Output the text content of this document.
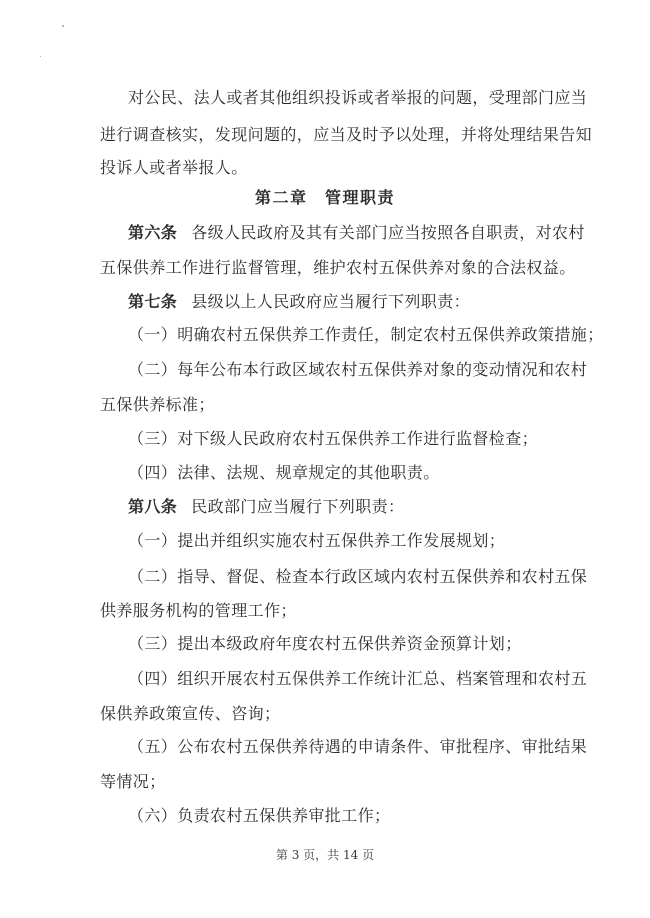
对公民、法人或者其他组织投诉或者举报的问题，受理部门应当
进行调查核实，发现问题的，应当及时予以处理，并将处理结果告知
投诉人或者举报人。
第二章　管理职责
第六条 各级人民政府及其有关部门应当按照各自职责，对农村
五保供养工作进行监督管理，维护农村五保供养对象的合法权益。
第七条 县级以上人民政府应当履行下列职责：
（一）明确农村五保供养工作责任，制定农村五保供养政策措施；
（二）每年公布本行政区域农村五保供养对象的变动情况和农村
五保供养标准；
（三）对下级人民政府农村五保供养工作进行监督检查；
（四）法律、法规、规章规定的其他职责。
第八条 民政部门应当履行下列职责：
（一）提出并组织实施农村五保供养工作发展规划；
（二）指导、督促、检查本行政区域内农村五保供养和农村五保
供养服务机构的管理工作；
（三）提出本级政府年度农村五保供养资金预算计划；
（四）组织开展农村五保供养工作统计汇总、档案管理和农村五
保供养政策宣传、咨询；
（五）公布农村五保供养待遇的申请条件、审批程序、审批结果
等情况；
（六）负责农村五保供养审批工作；
第 3 页，共 14 页
